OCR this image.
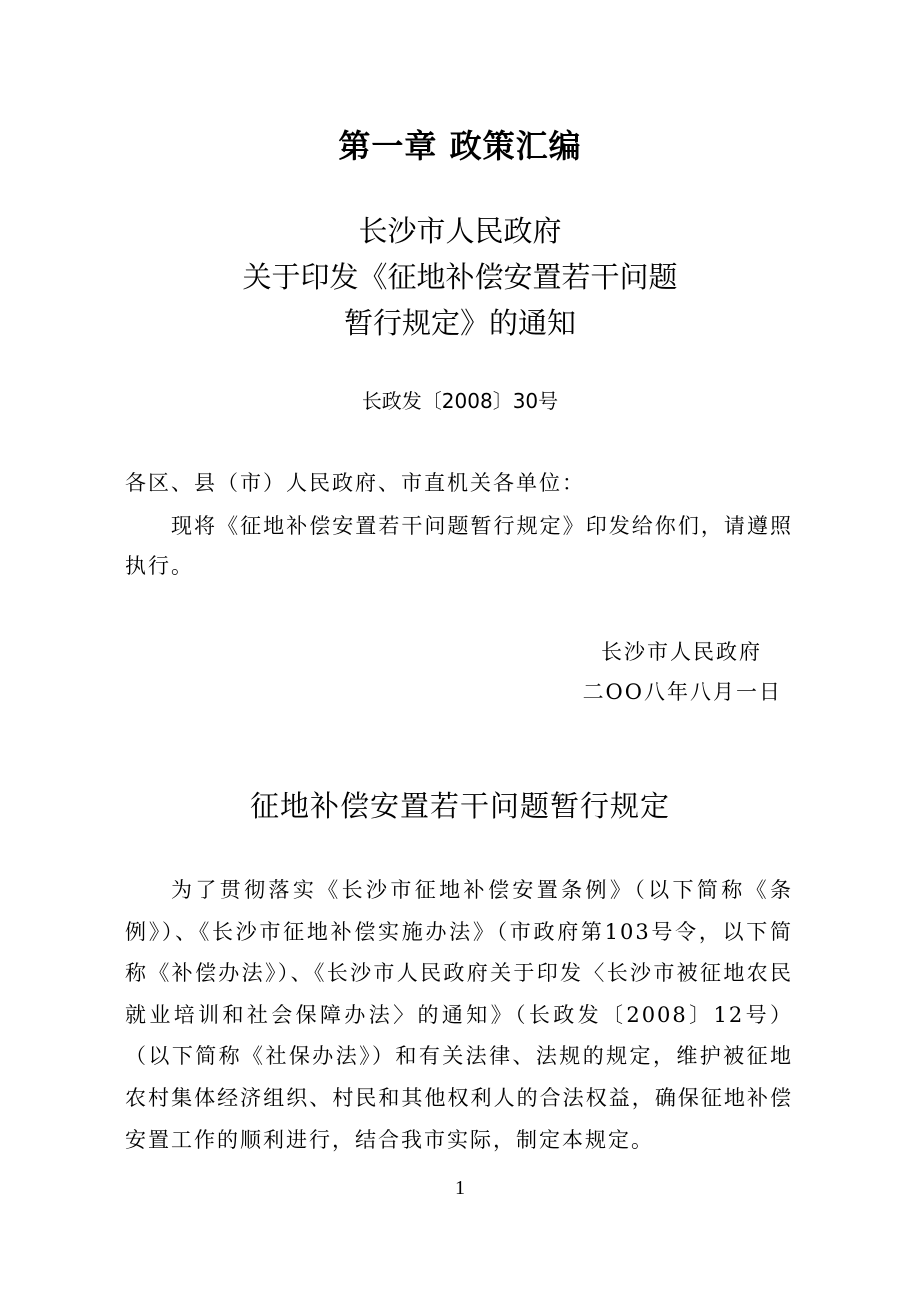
第一章 政策汇编
长沙市人民政府
关于印发《征地补偿安置若干问题
暂行规定》的通知
长政发〔2008〕30号
各区、县（市）人民政府、市直机关各单位：
现将《征地补偿安置若干问题暂行规定》印发给你们，请遵照执行。
长沙市人民政府
二OO八年八月一日
征地补偿安置若干问题暂行规定
为了贯彻落实《长沙市征地补偿安置条例》（以下简称《条例》）、《长沙市征地补偿实施办法》（市政府第103号令，以下简称《补偿办法》）、《长沙市人民政府关于印发〈长沙市被征地农民就业培训和社会保障办法〉的通知》（长政发〔2008〕12号）（以下简称《社保办法》）和有关法律、法规的规定，维护被征地农村集体经济组织、村民和其他权利人的合法权益，确保征地补偿安置工作的顺利进行，结合我市实际，制定本规定。
1
